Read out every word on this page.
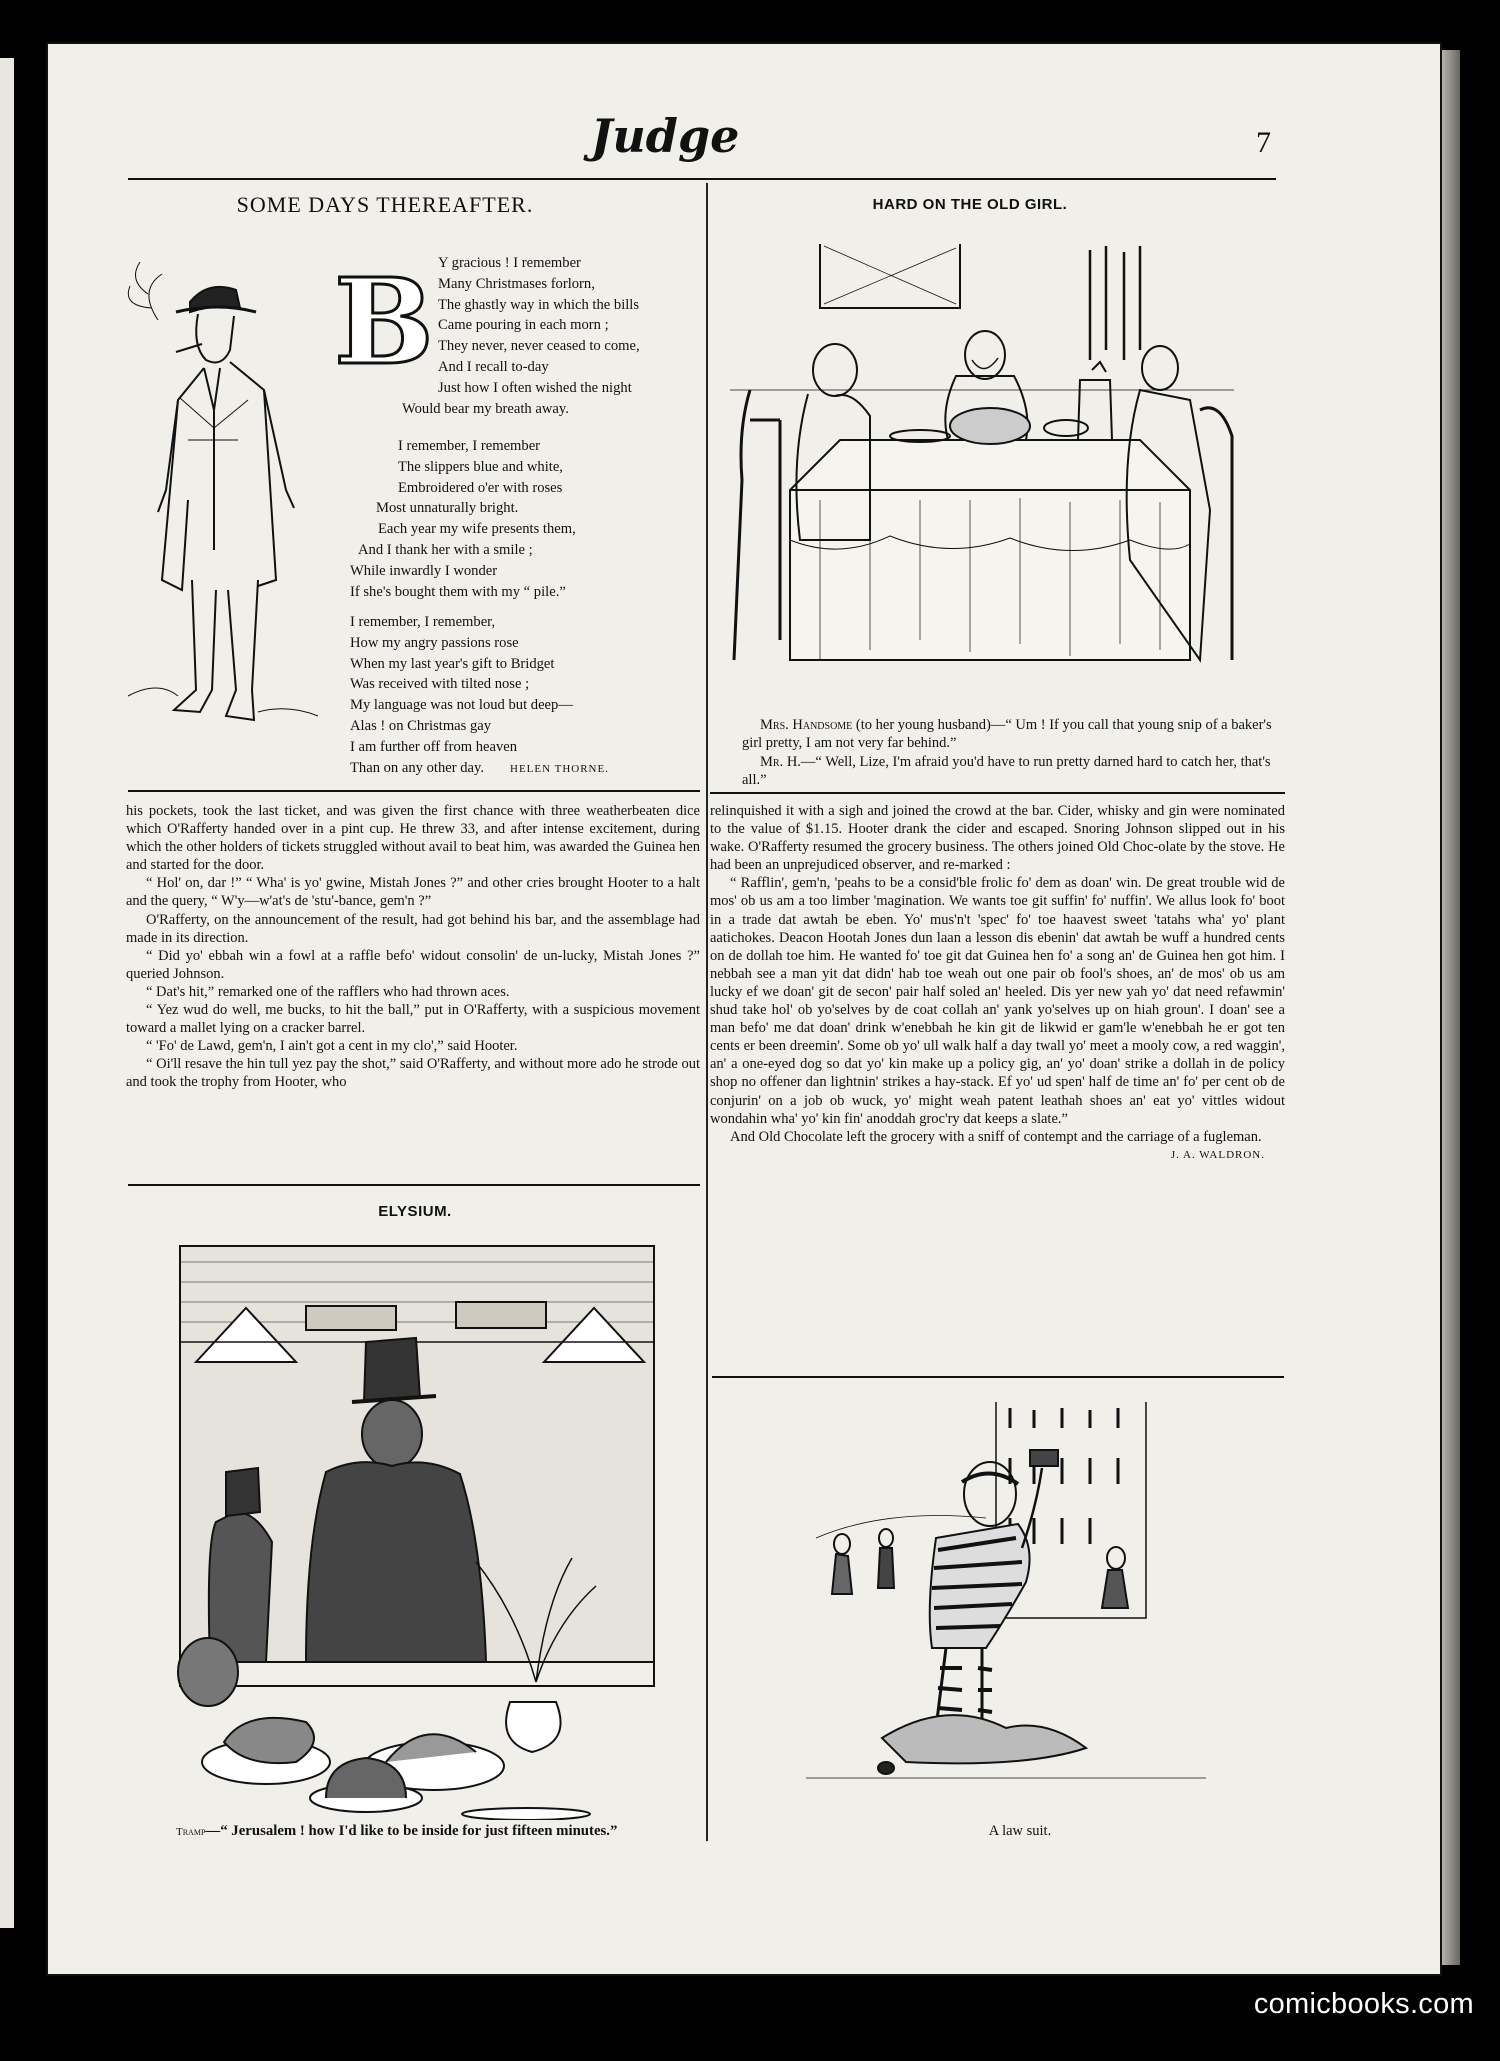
Judge	7
SOME DAYS THEREAFTER.
B Y gracious ! I remember
Many Christmases forlorn,
The ghastly way in which the bills
Came pouring in each morn ;
They never, never ceased to come,
And I recall to-day
Just how I often wished the night
Would bear my breath away.
I remember, I remember
The slippers blue and white,
Embroidered o'er with roses
Most unnaturally bright.
Each year my wife presents them,
And I thank her with a smile ;
While inwardly I wonder
If she's bought them with my “ pile.”
I remember, I remember,
How my angry passions rose
When my last year's gift to Bridget
Was received with tilted nose ;
My language was not loud but deep—
Alas ! on Christmas gay
I am further off from heaven
Than on any other day. HELEN THORNE.
HARD ON THE OLD GIRL.

Mrs. Handsome (to her young husband)—“ Um ! If you call that young snip of a baker's girl pretty, I am not very far behind.”

Mr. H.—“ Well, Lize, I'm afraid you'd have to run pretty darned hard to catch her, that's all.”

his pockets, took the last ticket, and was given the first chance with three weatherbeaten dice which O'Rafferty handed over in a pint cup. He threw 33, and after intense excitement, during which the other holders of tickets struggled without avail to beat him, was awarded the Guinea hen and started for the door.

“ Hol' on, dar !” “ Wha' is yo' gwine, Mistah Jones ?” and other cries brought Hooter to a halt and the query, “ W'y—w'at's de 'stu'-bance, gem'n ?”

O'Rafferty, on the announcement of the result, had got behind his bar, and the assemblage had made in its direction.

“ Did yo' ebbah win a fowl at a raffle befo' widout consolin' de un-lucky, Mistah Jones ?” queried Johnson.

“ Dat's hit,” remarked one of the rafflers who had thrown aces.

“ Yez wud do well, me bucks, to hit the ball,” put in O'Rafferty, with a suspicious movement toward a mallet lying on a cracker barrel.

“ 'Fo' de Lawd, gem'n, I ain't got a cent in my clo',” said Hooter.

“ Oi'll resave the hin tull yez pay the shot,” said O'Rafferty, and without more ado he strode out and took the trophy from Hooter, who

relinquished it with a sigh and joined the crowd at the bar. Cider, whisky and gin were nominated to the value of $1.15. Hooter drank the cider and escaped. Snoring Johnson slipped out in his wake. O'Rafferty resumed the grocery business. The others joined Old Choc-olate by the stove. He had been an unprejudiced observer, and re-marked :

“ Rafflin', gem'n, 'peahs to be a consid'ble frolic fo' dem as doan' win. De great trouble wid de mos' ob us am a too limber 'magination. We wants toe git suffin' fo' nuffin'. We allus look fo' boot in a trade dat awtah be eben. Yo' mus'n't 'spec' fo' toe haavest sweet 'tatahs wha' yo' plant aatichokes. Deacon Hootah Jones dun laan a lesson dis ebenin' dat awtah be wuff a hundred cents on de dollah toe him. He wanted fo' toe git dat Guinea hen fo' a song an' de Guinea hen got him. I nebbah see a man yit dat didn' hab toe weah out one pair ob fool's shoes, an' de mos' ob us am lucky ef we doan' git de secon' pair half soled an' heeled. Dis yer new yah yo' dat need refawmin' shud take hol' ob yo'selves by de coat collah an' yank yo'selves up on hiah groun'. I doan' see a man befo' me dat doan' drink w'enebbah he kin git de likwid er gam'le w'enebbah he er got ten cents er been dreemin'. Some ob yo' ull walk half a day twall yo' meet a mooly cow, a red waggin', an' a one-eyed dog so dat yo' kin make up a policy gig, an' yo' doan' strike a dollah in de policy shop no offener dan lightnin' strikes a hay-stack. Ef yo' ud spen' half de time an' fo' per cent ob de conjurin' on a job ob wuck, yo' might weah patent leathah shoes an' eat yo' vittles widout wondahin wha' yo' kin fin' anoddah groc'ry dat keeps a slate.”

And Old Chocolate left the grocery with a sniff of contempt and the carriage of a fugleman.

J. A. WALDRON.
ELYSIUM.

Tramp—“ Jerusalem ! how I'd like to be inside for just fifteen minutes.”	A law suit.
comicbooks.com
